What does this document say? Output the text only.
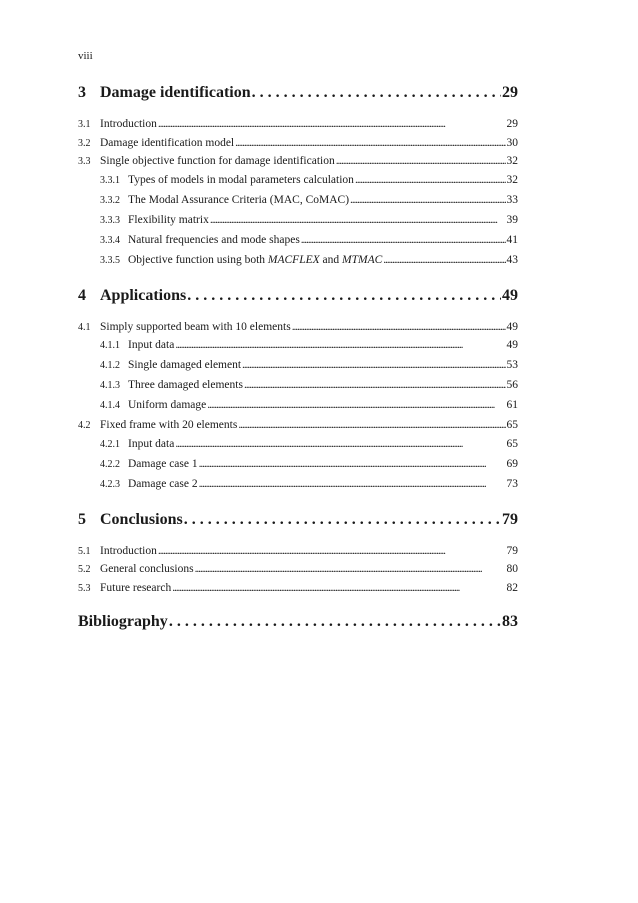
viii
3 Damage identification . . .	29
3.1 Introduction . . .	29
3.2 Damage identification model . . .	30
3.3 Single objective function for damage identification . . .	32
3.3.1 Types of models in modal parameters calculation . . .	32
3.3.2 The Modal Assurance Criteria (MAC, CoMAC) . . .	33
3.3.3 Flexibility matrix . . .	39
3.3.4 Natural frequencies and mode shapes . . .	41
3.3.5 Objective function using both MACFLEX and MTMAC . . .	43
4 Applications . . .	49
4.1 Simply supported beam with 10 elements . . .	49
4.1.1 Input data . . .	49
4.1.2 Single damaged element . . .	53
4.1.3 Three damaged elements . . .	56
4.1.4 Uniform damage . . .	61
4.2 Fixed frame with 20 elements . . .	65
4.2.1 Input data . . .	65
4.2.2 Damage case 1 . . .	69
4.2.3 Damage case 2 . . .	73
5 Conclusions . . .	79
5.1 Introduction . . .	79
5.2 General conclusions . . .	80
5.3 Future research . . .	82
Bibliography . . .	83
